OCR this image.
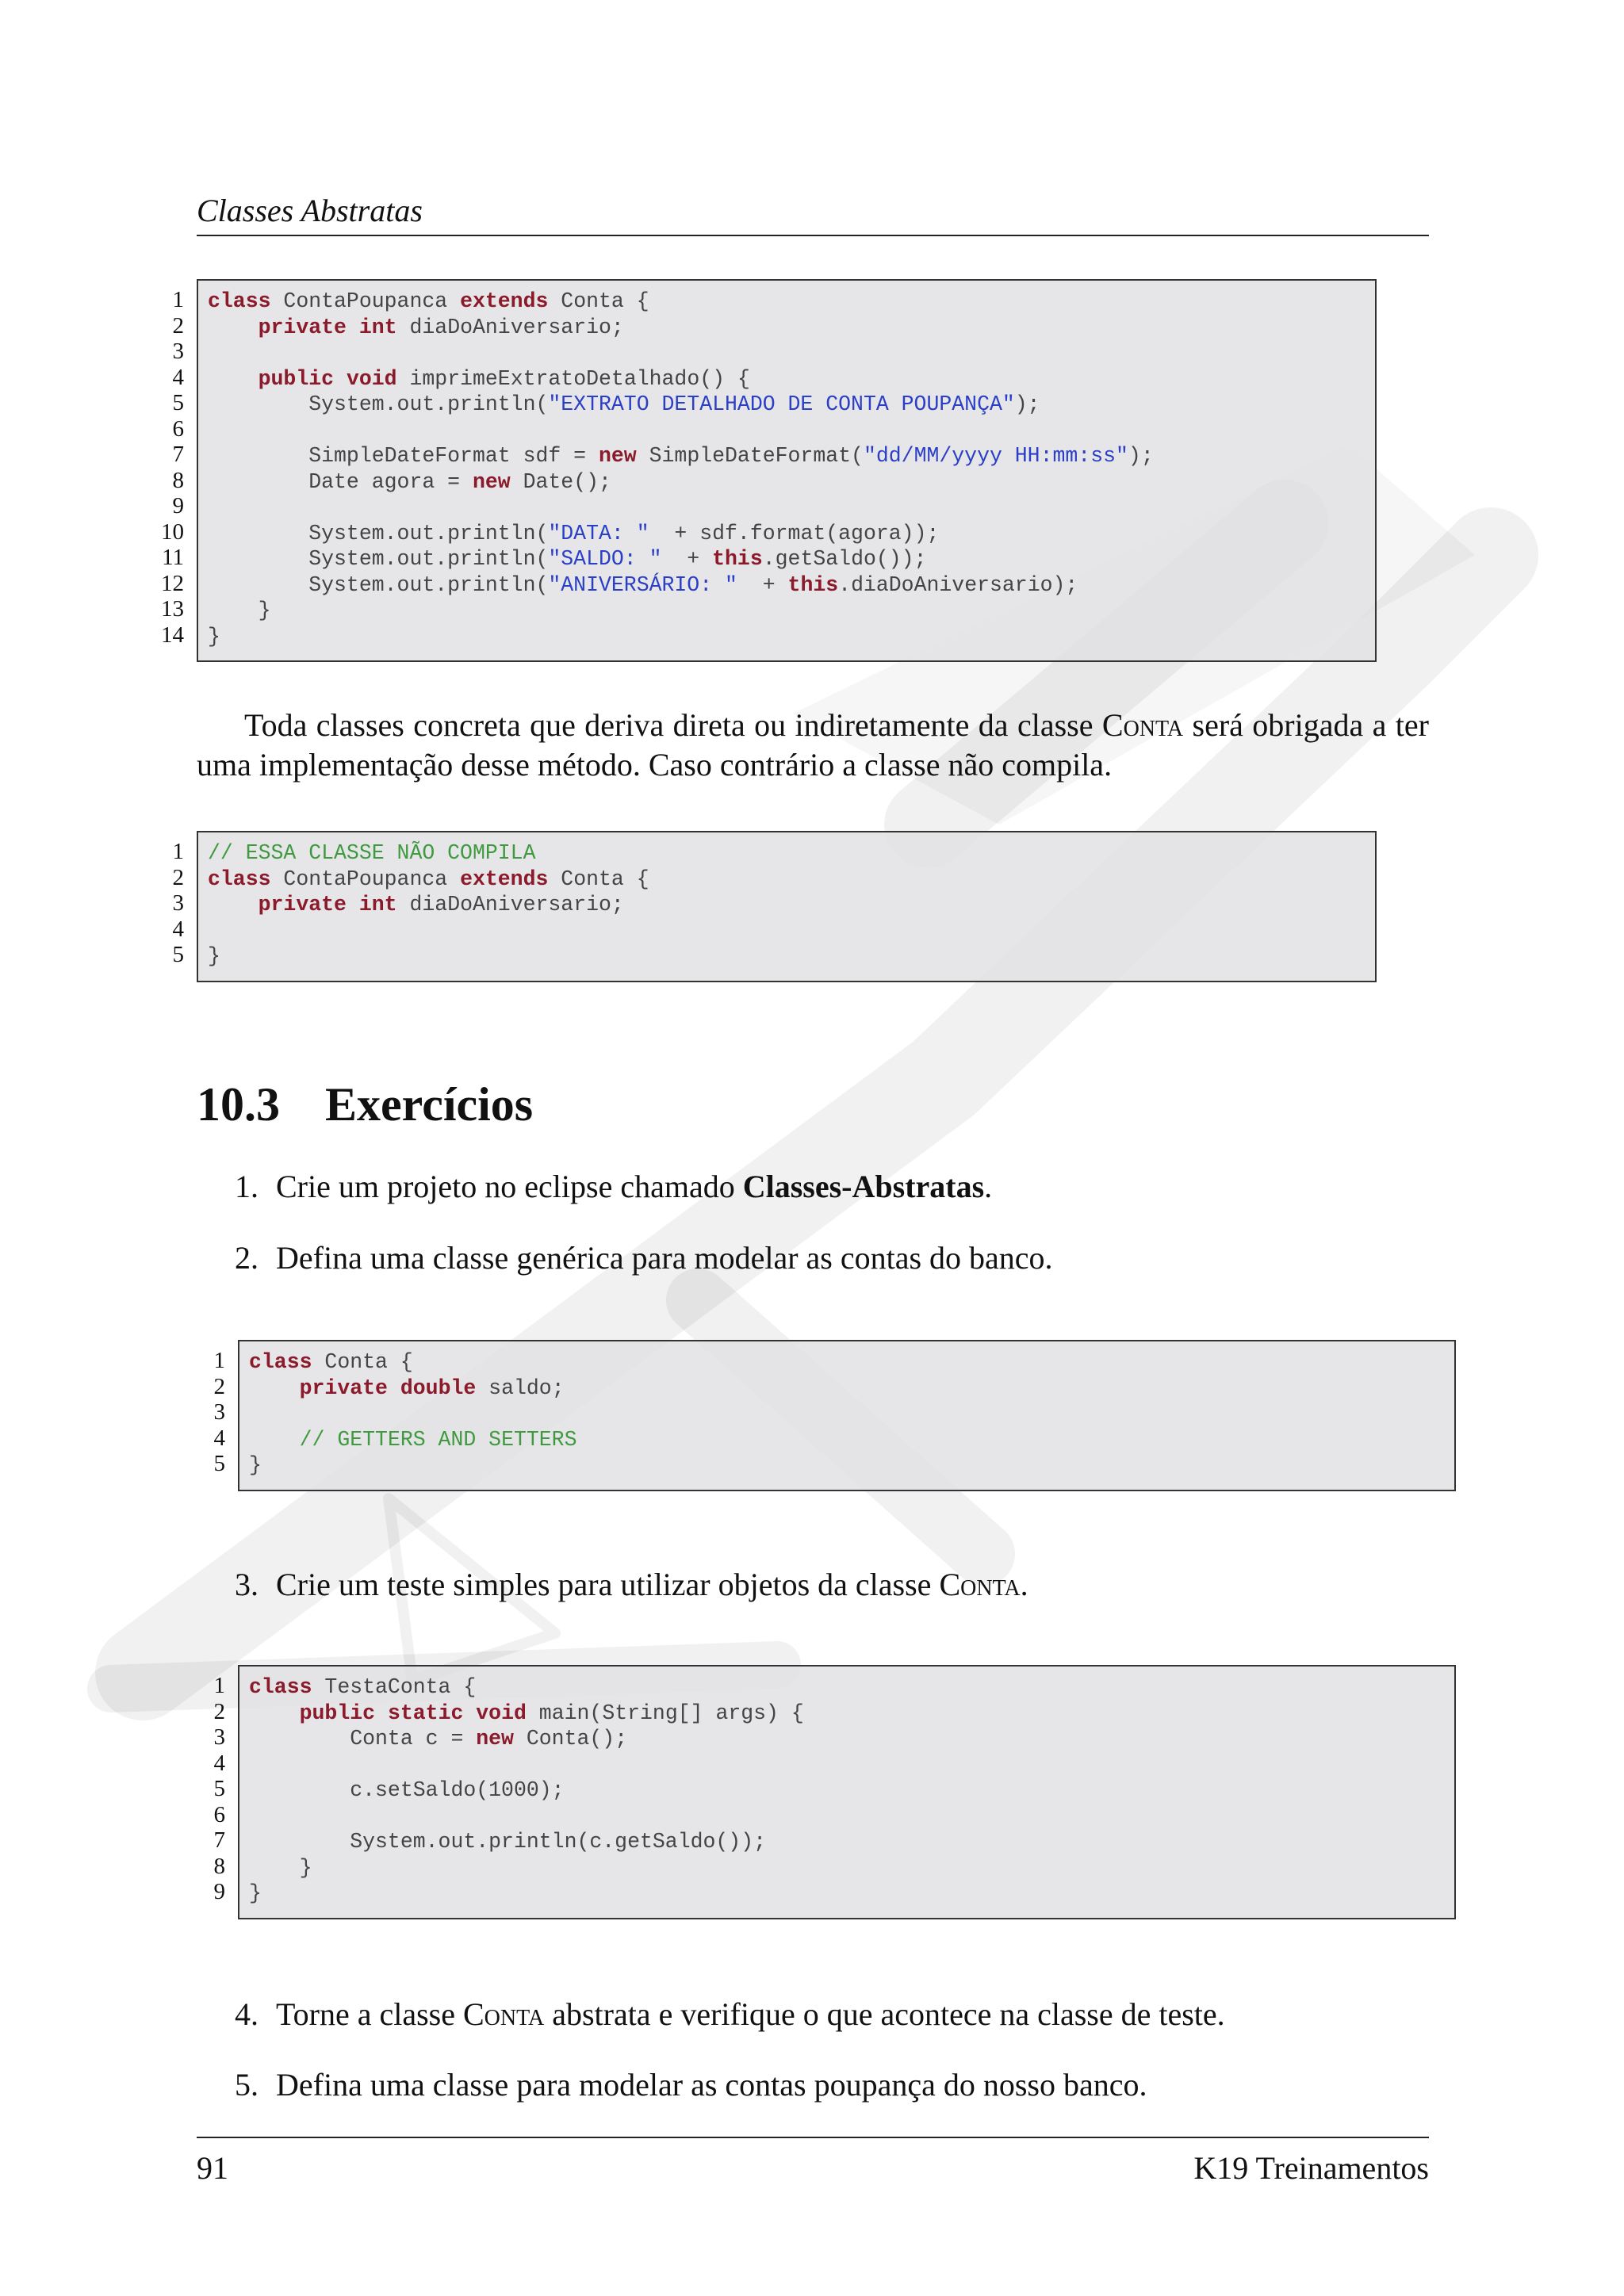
Classes Abstratas
1
2
3
4
5
6
7
8
9
10
11
12
13
14
class ContaPoupanca extends Conta {
private int diaDoAniversario;
public void imprimeExtratoDetalhado() {
System.out.println("EXTRATO DETALHADO DE CONTA POUPANÇA");
SimpleDateFormat sdf = new SimpleDateFormat("dd/MM/yyyy HH:mm:ss");
Date agora = new Date();
System.out.println("DATA: "  + sdf.format(agora));
System.out.println("SALDO: "  + this.getSaldo());
System.out.println("ANIVERSÁRIO: "  + this.diaDoAniversario);
}
}

Toda classes concreta que deriva direta ou indiretamente da classe Conta será obrigada a ter uma implementação desse método. Caso contrário a classe não compila.

1
2
3
4
5
// ESSA CLASSE NÃO COMPILA
class ContaPoupanca extends Conta {
private int diaDoAniversario;
}
10.3 Exercícios

1. Crie um projeto no eclipse chamado Classes-Abstratas.

2. Defina uma classe genérica para modelar as contas do banco.

1
2
3
4
5
class Conta {
private double saldo;
// GETTERS AND SETTERS
}

3. Crie um teste simples para utilizar objetos da classe Conta.

1
2
3
4
5
6
7
8
9
class TestaConta {
public static void main(String[] args) {
Conta c = new Conta();
c.setSaldo(1000);
System.out.println(c.getSaldo());
}
}

4. Torne a classe Conta abstrata e verifique o que acontece na classe de teste.

5. Defina uma classe para modelar as contas poupança do nosso banco.

91	K19 Treinamentos
